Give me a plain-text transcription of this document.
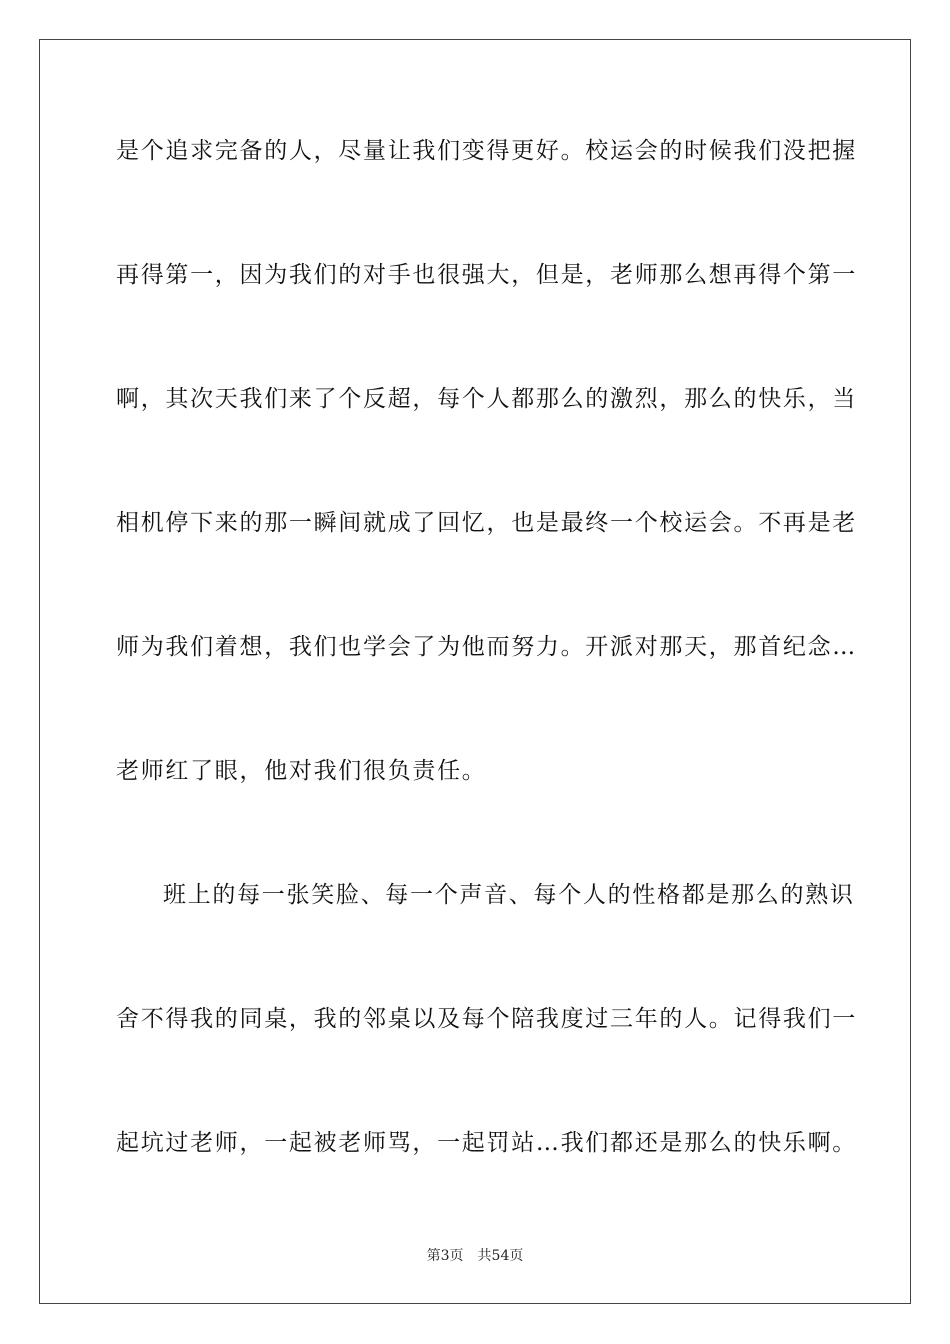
是个追求完备的人，尽量让我们变得更好。校运会的时候我们没把握
再得第一，因为我们的对手也很强大，但是，老师那么想再得个第一
啊，其次天我们来了个反超，每个人都那么的激烈，那么的快乐，当
相机停下来的那一瞬间就成了回忆，也是最终一个校运会。不再是老
师为我们着想，我们也学会了为他而努力。开派对那天，那首纪念…
老师红了眼，他对我们很负责任。
班上的每一张笑脸、每一个声音、每个人的性格都是那么的熟识
舍不得我的同桌，我的邻桌以及每个陪我度过三年的人。记得我们一
起坑过老师，一起被老师骂，一起罚站…我们都还是那么的快乐啊。
第3页 共54页
